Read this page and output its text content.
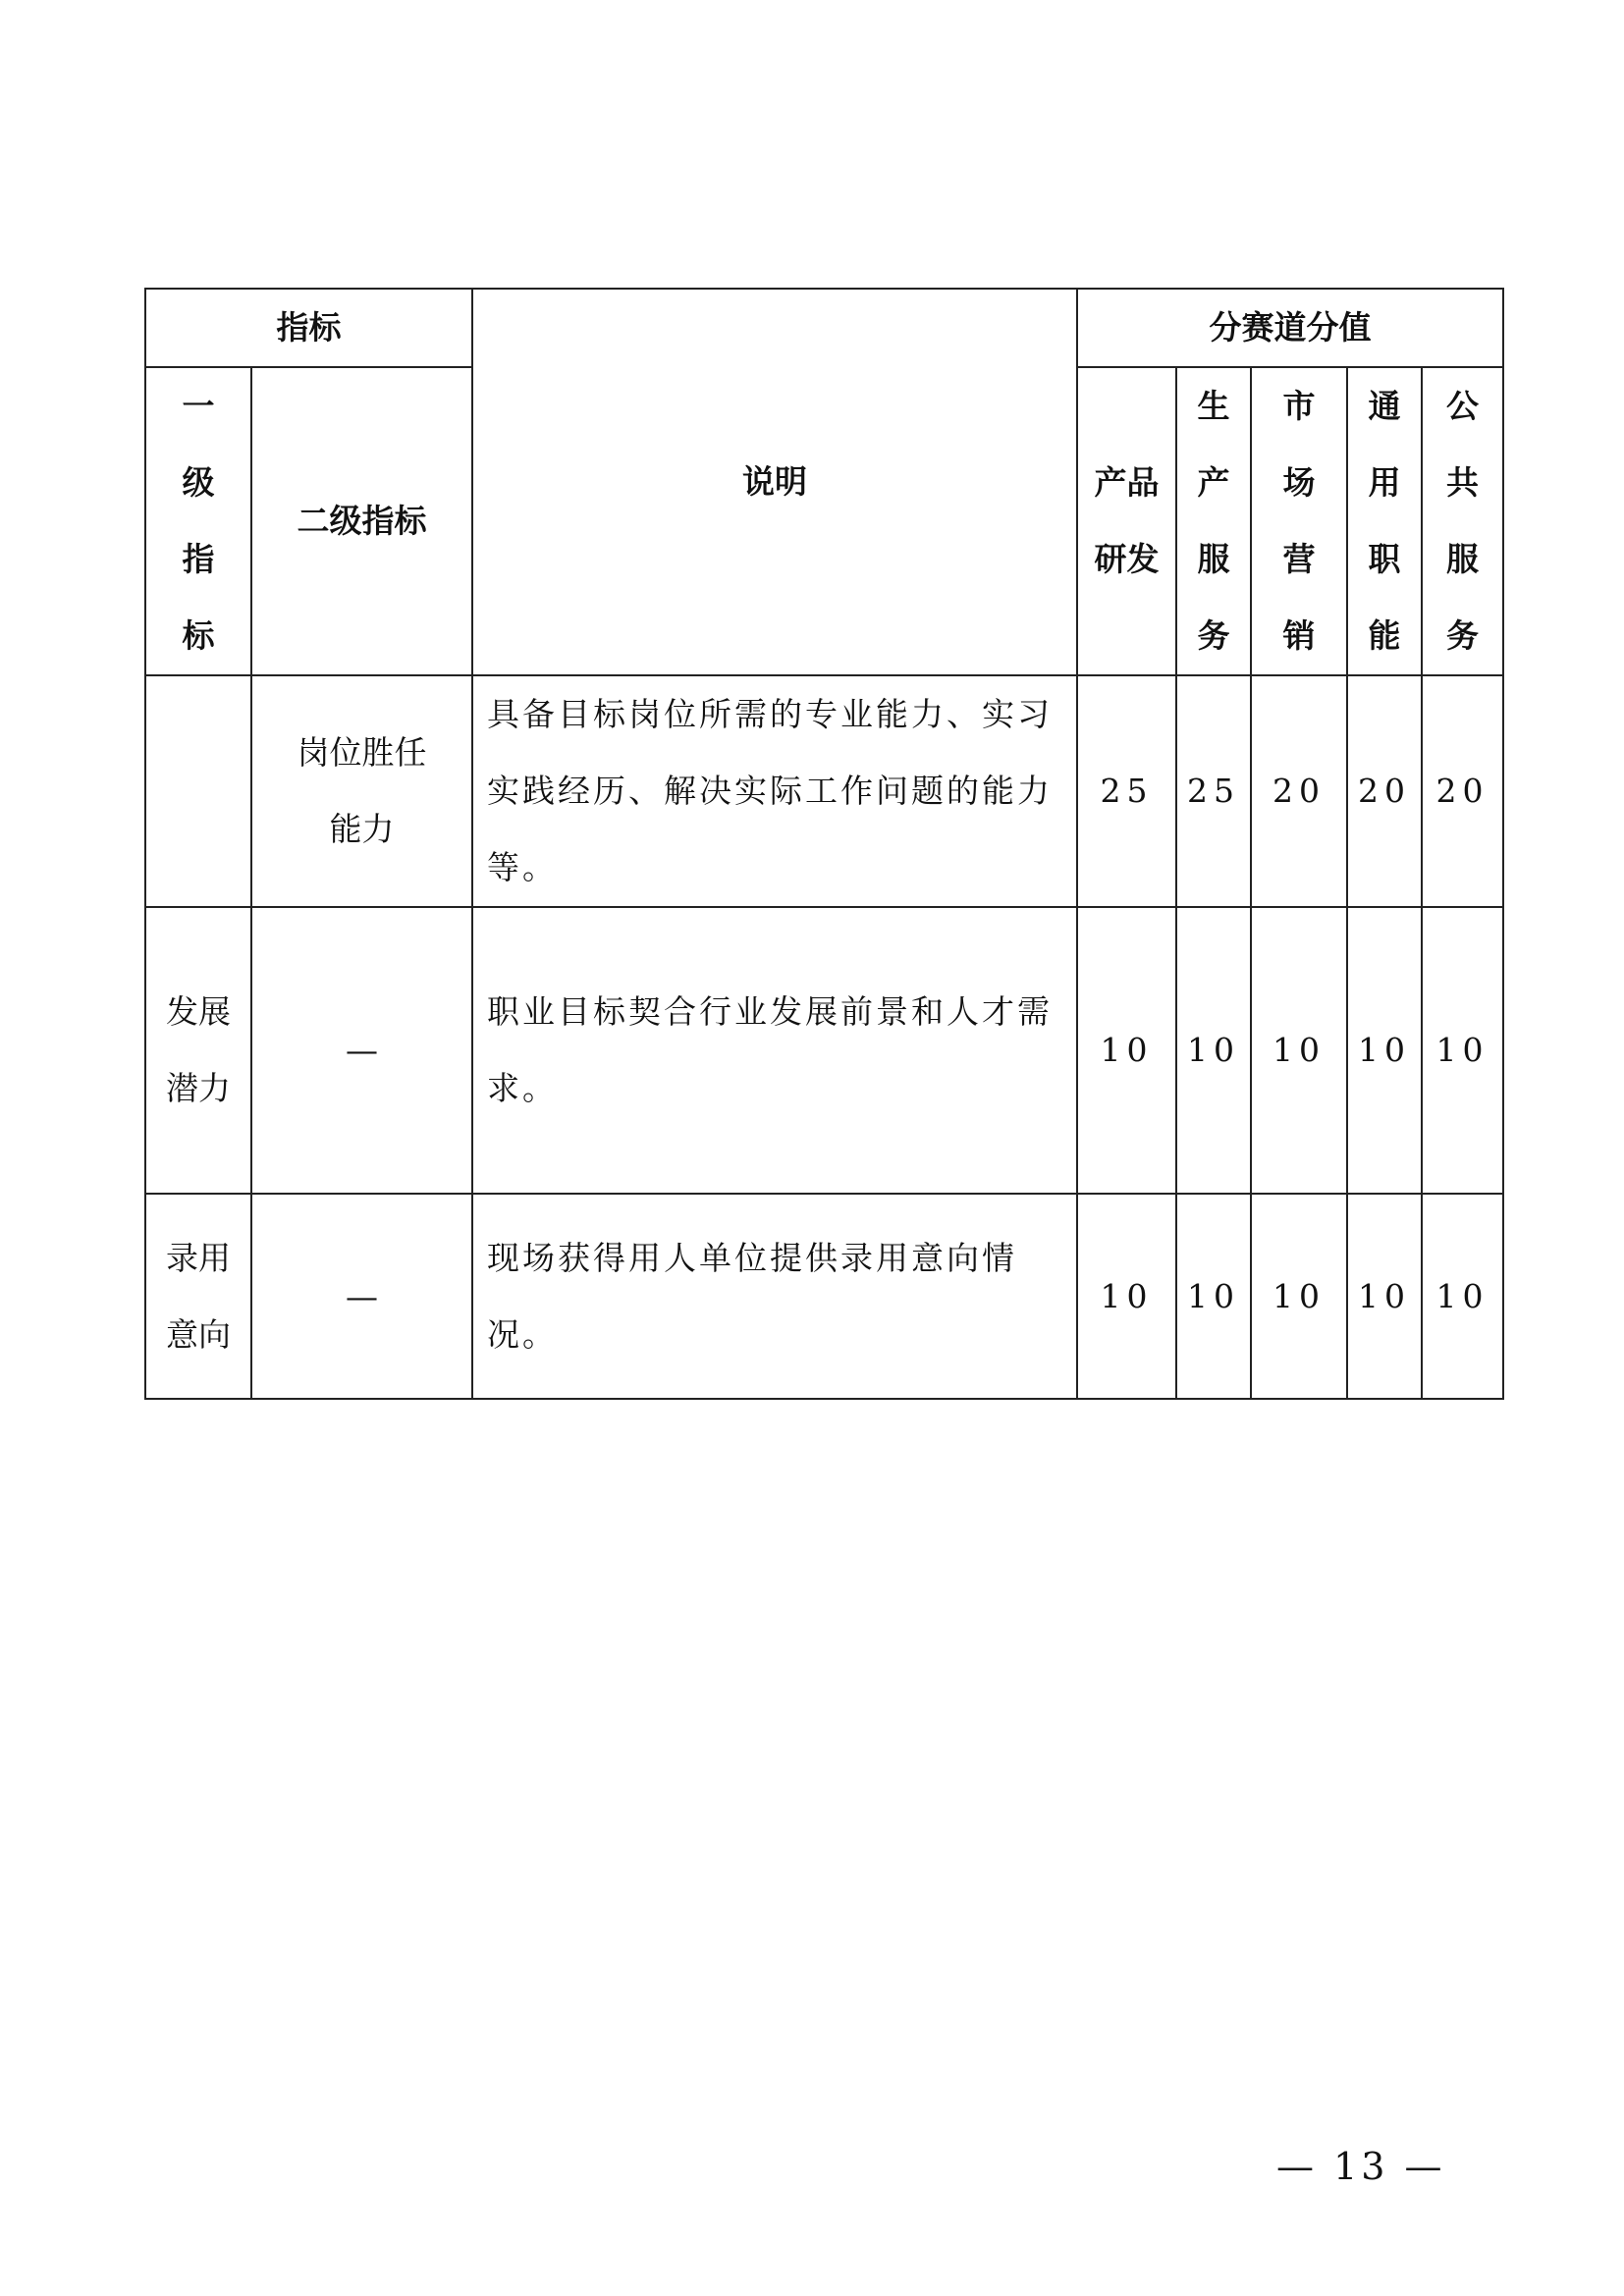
指标		说明	分赛道分值				
一级指标	二级指标		产品研发	生产服务	市场营销	通用职能	公共服务
	岗位胜任能力	具备目标岗位所需的专业能力、实习实践经历、解决实际工作问题的能力等。	25	25	20	20	20
发展潜力	—	职业目标契合行业发展前景和人才需求。	10	10	10	10	10
录用意向	—	现场获得用人单位提供录用意向情况。	10	10	10	10	10
— 13 —
